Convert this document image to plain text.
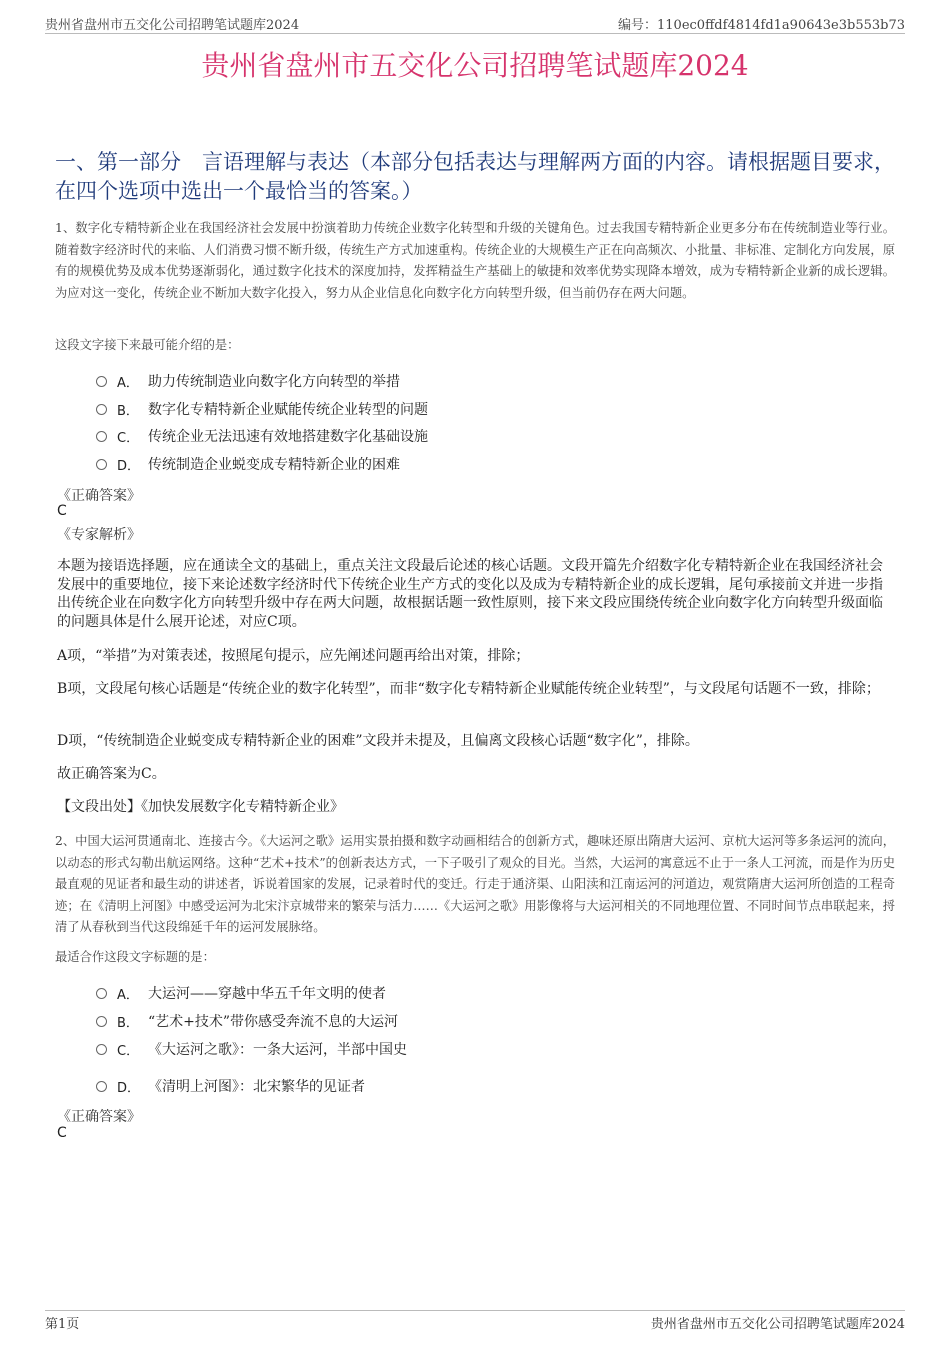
贵州省盘州市五交化公司招聘笔试题库2024	编号：110ec0ffdf4814fd1a90643e3b553b73
贵州省盘州市五交化公司招聘笔试题库2024
一、第一部分　言语理解与表达（本部分包括表达与理解两方面的内容。请根据题目要求，在四个选项中选出一个最恰当的答案。）
1、数字化专精特新企业在我国经济社会发展中扮演着助力传统企业数字化转型和升级的关键角色。过去我国专精特新企业更多分布在传统制造业等行业。随着数字经济时代的来临、人们消费习惯不断升级，传统生产方式加速重构。传统企业的大规模生产正在向高频次、小批量、非标准、定制化方向发展，原有的规模优势及成本优势逐渐弱化，通过数字化技术的深度加持，发挥精益生产基础上的敏捷和效率优势实现降本增效，成为专精特新企业新的成长逻辑。为应对这一变化，传统企业不断加大数字化投入，努力从企业信息化向数字化方向转型升级，但当前仍存在两大问题。
这段文字接下来最可能介绍的是：
A． 助力传统制造业向数字化方向转型的举措
B． 数字化专精特新企业赋能传统企业转型的问题
C． 传统企业无法迅速有效地搭建数字化基础设施
D． 传统制造企业蜕变成专精特新企业的困难
《正确答案》
C
《专家解析》
本题为接语选择题，应在通读全文的基础上，重点关注文段最后论述的核心话题。文段开篇先介绍数字化专精特新企业在我国经济社会发展中的重要地位，接下来论述数字经济时代下传统企业生产方式的变化以及成为专精特新企业的成长逻辑，尾句承接前文并进一步指出传统企业在向数字化方向转型升级中存在两大问题，故根据话题一致性原则，接下来文段应围绕传统企业向数字化方向转型升级面临的问题具体是什么展开论述，对应C项。
A项，“举措”为对策表述，按照尾句提示，应先阐述问题再给出对策，排除；
B项，文段尾句核心话题是“传统企业的数字化转型”，而非“数字化专精特新企业赋能传统企业转型”，与文段尾句话题不一致，排除；
D项，“传统制造企业蜕变成专精特新企业的困难”文段并未提及，且偏离文段核心话题“数字化”，排除。
故正确答案为C。
【文段出处】《加快发展数字化专精特新企业》
2、中国大运河贯通南北、连接古今。《大运河之歌》运用实景拍摄和数字动画相结合的创新方式，趣味还原出隋唐大运河、京杭大运河等多条运河的流向，以动态的形式勾勒出航运网络。这种“艺术+技术”的创新表达方式，一下子吸引了观众的目光。当然，大运河的寓意远不止于一条人工河流，而是作为历史最直观的见证者和最生动的讲述者，诉说着国家的发展，记录着时代的变迁。行走于通济渠、山阳渎和江南运河的河道边，观赏隋唐大运河所创造的工程奇迹；在《清明上河图》中感受运河为北宋汴京城带来的繁荣与活力……《大运河之歌》用影像将与大运河相关的不同地理位置、不同时间节点串联起来，捋清了从春秋到当代这段绵延千年的运河发展脉络。
最适合作这段文字标题的是：
A． 大运河——穿越中华五千年文明的使者
B． “艺术+技术”带你感受奔流不息的大运河
C． 《大运河之歌》：一条大运河，半部中国史
D． 《清明上河图》：北宋繁华的见证者
《正确答案》
C
第1页	贵州省盘州市五交化公司招聘笔试题库2024
